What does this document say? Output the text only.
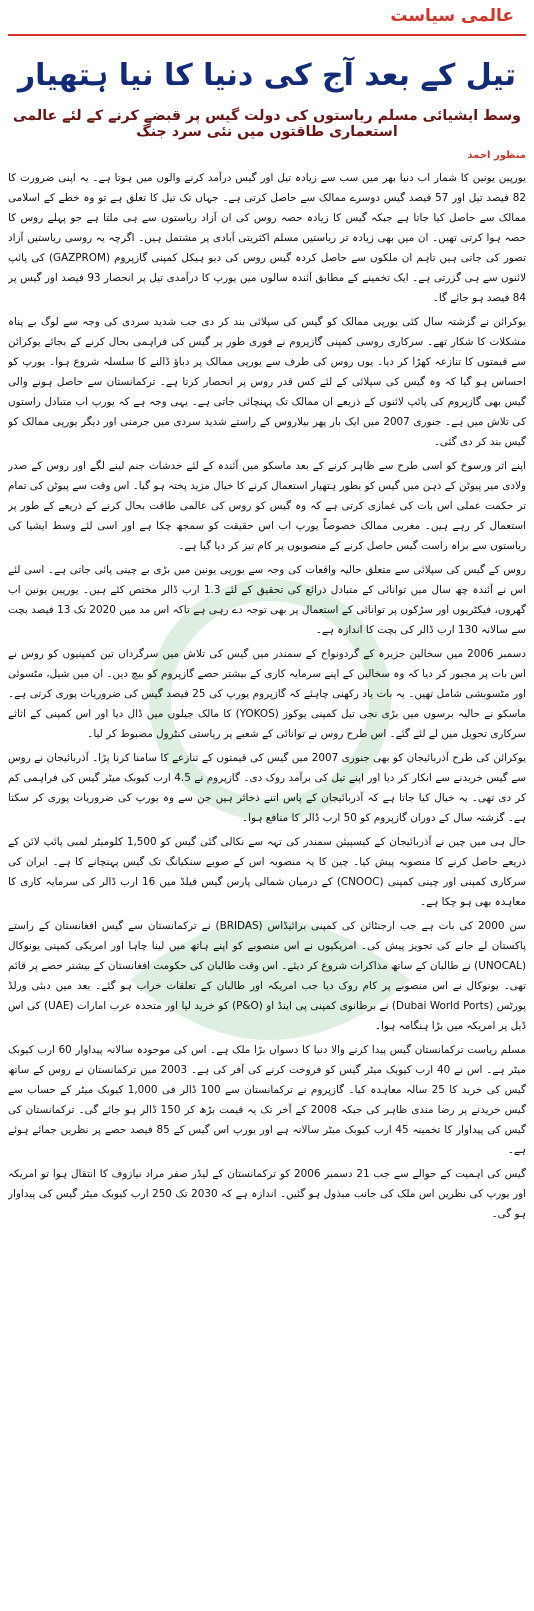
عالمی سیاست
تیل کے بعد آج کی دنیا کا نیا ہتھیار
وسط ایشیائی مسلم ریاستوں کی دولت گیس پر قبضے کرنے کے لئے عالمی استعماری طاقتوں میں نئی سرد جنگ
منظور احمد

یورپین یونین کا شمار اب دنیا بھر میں سب سے زیادہ تیل اور گیس درآمد کرنے والوں میں ہوتا ہے۔ یہ اپنی ضرورت کا 82 فیصد تیل اور 57 فیصد گیس دوسرے ممالک سے حاصل کرتی ہے۔ جہاں تک تیل کا تعلق ہے تو وہ خطے کے اسلامی ممالک سے حاصل کیا جاتا ہے جبکہ گیس کا زیادہ حصہ روس کی ان آزاد ریاستوں سے ہی ملتا ہے جو پہلے روس کا حصہ ہوا کرتی تھیں۔ ان میں بھی زیادہ تر ریاستیں مسلم اکثریتی آبادی پر مشتمل ہیں۔ اگرچہ یہ روسی ریاستیں آزاد تصور کی جاتی ہیں تاہم ان ملکوں سے حاصل کردہ گیس روس کی دیو ہیکل کمپنی گازپروم (GAZPROM) کی پائپ لائنوں سے ہی گزرتی ہے۔ ایک تخمینے کے مطابق آئندہ سالوں میں یورپ کا درآمدی تیل پر انحصار 93 فیصد اور گیس پر 84 فیصد ہو جائے گا۔

یوکرائن نے گزشتہ سال کئی یورپی ممالک کو گیس کی سپلائی بند کر دی جب شدید سردی کی وجہ سے لوگ بے پناہ مشکلات کا شکار تھے۔ سرکاری روسی کمپنی گازپروم نے فوری طور پر گیس کی فراہمی بحال کرنے کے بجائے یوکرائن سے قیمتوں کا تنازعہ کھڑا کر دیا۔ یوں روس کی طرف سے یورپی ممالک پر دباؤ ڈالنے کا سلسلہ شروع ہوا۔ یورپ کو احساس ہو گیا کہ وہ گیس کی سپلائی کے لئے کس قدر روس پر انحصار کرتا ہے۔ ترکمانستان سے حاصل ہونے والی گیس بھی گازپروم کی پائپ لائنوں کے ذریعے ان ممالک تک پہنچائی جاتی ہے۔ یہی وجہ ہے کہ یورپ اب متبادل راستوں کی تلاش میں ہے۔ جنوری 2007 میں ایک بار پھر بیلاروس کے راستے شدید سردی میں جرمنی اور دیگر یورپی ممالک کو گیس بند کر دی گئی۔

اپنے اثر ورسوخ کو اسی طرح سے ظاہر کرنے کے بعد ماسکو میں آئندہ کے لئے خدشات جنم لینے لگے اور روس کے صدر ولادی میر پیوٹن کے ذہن میں گیس کو بطور ہتھیار استعمال کرنے کا خیال مزید پختہ ہو گیا۔ اس وقت سے پیوٹن کی تمام تر حکمت عملی اس بات کی غمازی کرتی ہے کہ وہ گیس کو روس کی عالمی طاقت بحال کرنے کے ذریعے کے طور پر استعمال کر رہے ہیں۔ مغربی ممالک خصوصاً یورپ اب اس حقیقت کو سمجھ چکا ہے اور اسی لئے وسط ایشیا کی ریاستوں سے براہ راست گیس حاصل کرنے کے منصوبوں پر کام تیز کر دیا گیا ہے۔

روس کے گیس کی سپلائی سے متعلق حالیہ واقعات کی وجہ سے یورپی یونین میں بڑی بے چینی پائی جاتی ہے۔ اسی لئے اس نے آئندہ چھ سال میں توانائی کے متبادل ذرائع کی تحقیق کے لئے 1.3 ارب ڈالر مختص کئے ہیں۔ یورپین یونین اب گھروں، فیکٹریوں اور سڑکوں پر توانائی کے استعمال پر بھی توجہ دے رہی ہے تاکہ اس مد میں 2020 تک 13 فیصد بچت سے سالانہ 130 ارب ڈالر کی بچت کا اندازہ ہے۔

دسمبر 2006 میں سخالین جزیرہ کے گردونواح کے سمندر میں گیس کی تلاش میں سرگرداں تین کمپنیوں کو روس نے اس بات پر مجبور کر دیا کہ وہ سخالین کے اپنے سرمایہ کاری کے بیشتر حصے گازپروم کو بیچ دیں۔ ان میں شیل، مٹسوئی اور مٹسوبشی شامل تھیں۔ یہ بات یاد رکھنی چاہئے کہ گازپروم یورپ کی 25 فیصد گیس کی ضروریات پوری کرتی ہے۔ ماسکو نے حالیہ برسوں میں بڑی نجی تیل کمپنی یوکوز (YOKOS) کا مالک جیلوں میں ڈال دیا اور اس کمپنی کے اثاثے سرکاری تحویل میں لے لئے گئے۔ اس طرح روس نے توانائی کے شعبے پر ریاستی کنٹرول مضبوط کر لیا۔

یوکرائن کی طرح آذربائیجان کو بھی جنوری 2007 میں گیس کی قیمتوں کے تنازعے کا سامنا کرنا پڑا۔ آذربائیجان نے روس سے گیس خریدنے سے انکار کر دیا اور اپنے تیل کی برآمد روک دی۔ گازپروم نے 4.5 ارب کیوبک میٹر گیس کی فراہمی کم کر دی تھی۔ یہ خیال کیا جاتا ہے کہ آذربائیجان کے پاس اتنے ذخائر ہیں جن سے وہ یورپ کی ضروریات پوری کر سکتا ہے۔ گزشتہ سال کے دوران گازپروم کو 50 ارب ڈالر کا منافع ہوا۔

حال ہی میں چین نے آذربائیجان کے کیسپیئن سمندر کی تہہ سے نکالی گئی گیس کو 1,500 کلومیٹر لمبی پائپ لائن کے ذریعے حاصل کرنے کا منصوبہ پیش کیا۔ چین کا یہ منصوبہ اس کے صوبے سنکیانگ تک گیس پہنچانے کا ہے۔ ایران کی سرکاری کمپنی اور چینی کمپنی (CNOOC) کے درمیان شمالی پارس گیس فیلڈ میں 16 ارب ڈالر کی سرمایہ کاری کا معاہدہ بھی ہو چکا ہے۔

سن 2000 کی بات ہے جب ارجنٹائن کی کمپنی برائیڈاس (BRIDAS) نے ترکمانستان سے گیس افغانستان کے راستے پاکستان لے جانے کی تجویز پیش کی۔ امریکیوں نے اس منصوبے کو اپنے ہاتھ میں لینا چاہا اور امریکی کمپنی یونوکال (UNOCAL) نے طالبان کے ساتھ مذاکرات شروع کر دیئے۔ اس وقت طالبان کی حکومت افغانستان کے بیشتر حصے پر قائم تھی۔ یونوکال نے اس منصوبے پر کام روک دیا جب امریکہ اور طالبان کے تعلقات خراب ہو گئے۔ بعد میں دبئی ورلڈ پورٹس (Dubai World Ports) نے برطانوی کمپنی پی اینڈ او (P&O) کو خرید لیا اور متحدہ عرب امارات (UAE) کی اس ڈیل پر امریکہ میں بڑا ہنگامہ ہوا۔

مسلم ریاست ترکمانستان گیس پیدا کرنے والا دنیا کا دسواں بڑا ملک ہے۔ اس کی موجودہ سالانہ پیداوار 60 ارب کیوبک میٹر ہے۔ اس نے 40 ارب کیوبک میٹر گیس کو فروخت کرنے کی آفر کی ہے۔ 2003 میں ترکمانستان نے روس کے ساتھ گیس کی خرید کا 25 سالہ معاہدہ کیا۔ گازپروم نے ترکمانستان سے 100 ڈالر فی 1,000 کیوبک میٹر کے حساب سے گیس خریدنے پر رضا مندی ظاہر کی جبکہ 2008 کے آخر تک یہ قیمت بڑھ کر 150 ڈالر ہو جائے گی۔ ترکمانستان کی گیس کی پیداوار کا تخمینہ 45 ارب کیوبک میٹر سالانہ ہے اور یورپ اس گیس کے 85 فیصد حصے پر نظریں جمائے ہوئے ہے۔

گیس کی اہمیت کے حوالے سے جب 21 دسمبر 2006 کو ترکمانستان کے لیڈر صفر مراد نیازوف کا انتقال ہوا تو امریکہ اور یورپ کی نظریں اس ملک کی جانب مبذول ہو گئیں۔ اندازہ ہے کہ 2030 تک 250 ارب کیوبک میٹر گیس کی پیداوار ہو گی۔
